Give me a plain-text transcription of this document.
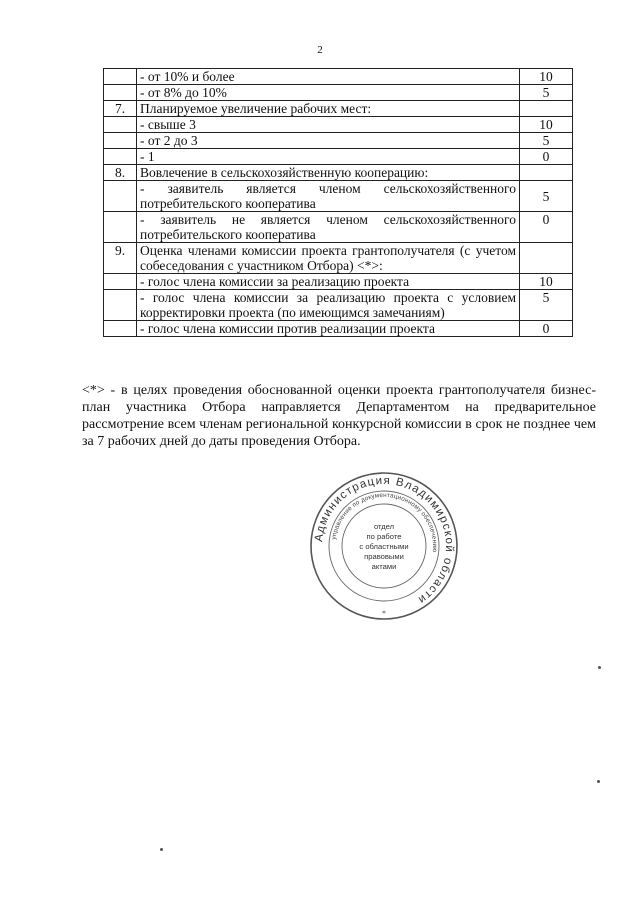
2
	- от 10% и более	10
	- от 8% до 10%	5
7.	Планируемое увеличение рабочих мест:	
	- свыше 3	10
	- от 2 до 3	5
	- 1	0
8.	Вовлечение в сельскохозяйственную кооперацию:	
	- заявитель является членом сельскохозяйственного потребительского кооператива	5
	- заявитель не является членом сельскохозяйственного потребительского кооператива	0
9.	Оценка членами комиссии проекта грантополучателя (с учетом собеседования с участником Отбора) <*>:	
	- голос члена комиссии за реализацию проекта	10
	- голос члена комиссии за реализацию проекта с условием корректировки проекта (по имеющимся замечаниям)	5
	- голос члена комиссии против реализации проекта	0

<*> - в целях проведения обоснованной оценки проекта грантополучателя бизнес-план участника Отбора направляется Департаментом на предварительное рассмотрение всем членам региональной конкурсной комиссии в срок не позднее чем за 7 рабочих дней до даты проведения Отбора.

Администрация Владимирской области
управление по документационному обеспечению
отдел
по работе
с областными
правовыми
актами
*
